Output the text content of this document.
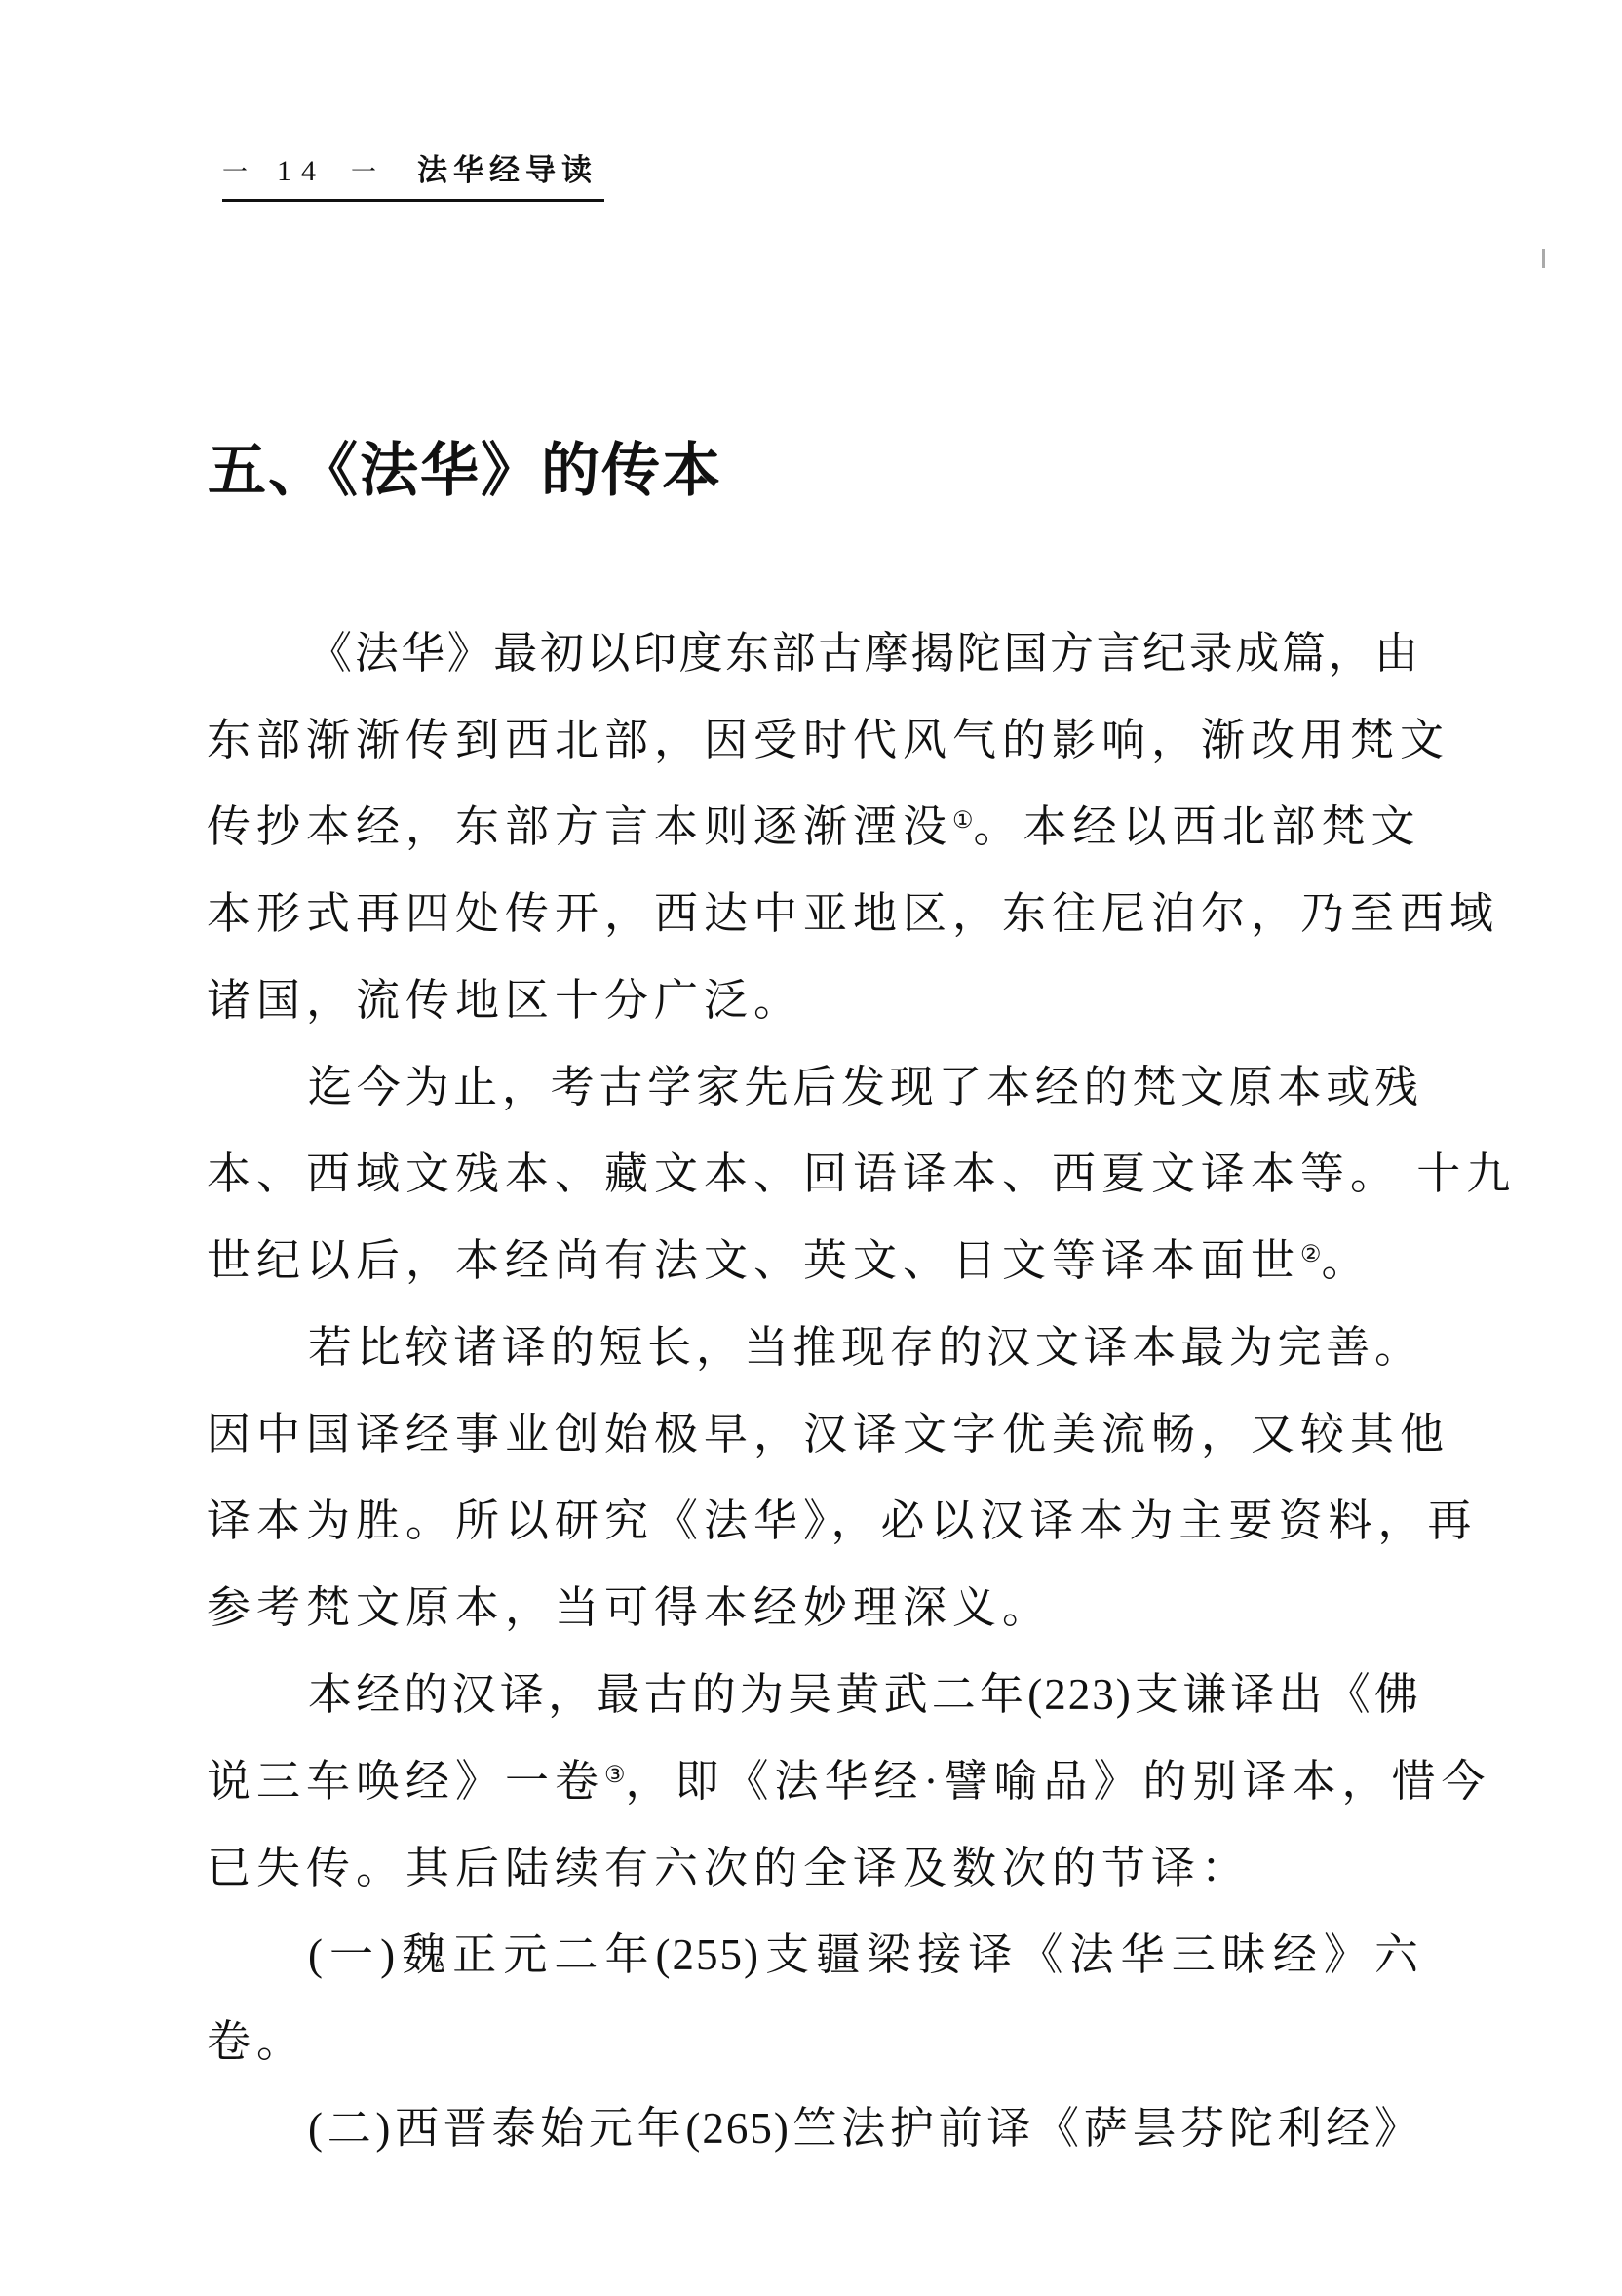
一 14 一 法华经导读
五、《法华》的传本
《法华》最初以印度东部古摩揭陀国方言纪录成篇，由
东部渐渐传到西北部，因受时代风气的影响，渐改用梵文
传抄本经，东部方言本则逐渐湮没①。本经以西北部梵文
本形式再四处传开，西达中亚地区，东往尼泊尔，乃至西域
诸国，流传地区十分广泛。
迄今为止，考古学家先后发现了本经的梵文原本或残
本、西域文残本、藏文本、回语译本、西夏文译本等。 十九
世纪以后，本经尚有法文、英文、日文等译本面世②。
若比较诸译的短长，当推现存的汉文译本最为完善。
因中国译经事业创始极早，汉译文字优美流畅，又较其他
译本为胜。所以研究《法华》，必以汉译本为主要资料，再
参考梵文原本，当可得本经妙理深义。
本经的汉译，最古的为吴黄武二年(223)支谦译出《佛
说三车唤经》一卷③，即《法华经·譬喻品》的别译本，惜今
已失传。其后陆续有六次的全译及数次的节译：
(一)魏正元二年(255)支疆梁接译《法华三昧经》六
卷。
(二)西晋泰始元年(265)竺法护前译《萨昙芬陀利经》
